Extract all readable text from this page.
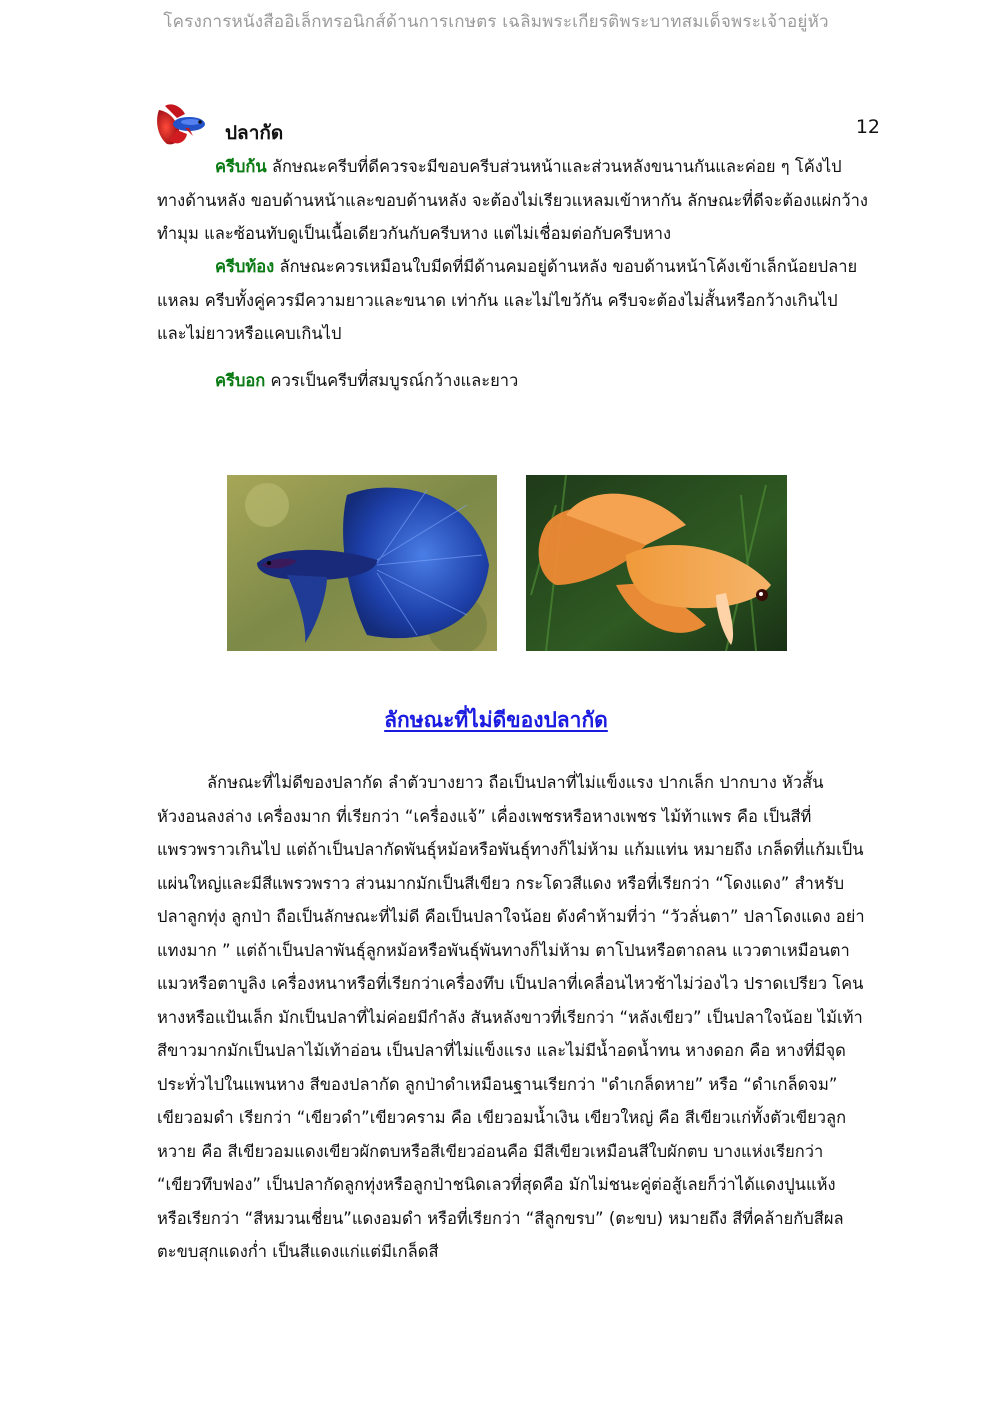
โครงการหนังสืออิเล็กทรอนิกส์ด้านการเกษตร เฉลิมพระเกียรติพระบาทสมเด็จพระเจ้าอยู่หัว
ปลากัด	12
ครีบก้น ลักษณะครีบที่ดีควรจะมีขอบครีบส่วนหน้าและส่วนหลังขนานกันและค่อย ๆ โค้งไปทางด้านหลัง ขอบด้านหน้าและขอบด้านหลัง จะต้องไม่เรียวแหลมเข้าหากัน ลักษณะที่ดีจะต้องแผ่กว้างทำมุม และซ้อนทับดูเป็นเนื้อเดียวกันกับครีบหาง แต่ไม่เชื่อมต่อกับครีบหาง
ครีบท้อง ลักษณะควรเหมือนใบมีดที่มีด้านคมอยู่ด้านหลัง ขอบด้านหน้าโค้งเข้าเล็กน้อยปลายแหลม ครีบทั้งคู่ควรมีความยาวและขนาด เท่ากัน และไม่ไขว้กัน ครีบจะต้องไม่สั้นหรือกว้างเกินไป และไม่ยาวหรือแคบเกินไป
ครีบอก ควรเป็นครีบที่สมบูรณ์กว้างและยาว
ลักษณะที่ไม่ดีของปลากัด
ลักษณะที่ไม่ดีของปลากัด ลำตัวบางยาว ถือเป็นปลาที่ไม่แข็งแรง ปากเล็ก ปากบาง หัวสั้นหัวงอนลงล่าง เครื่องมาก ที่เรียกว่า “เครื่องแจ้” เคื่องเพชรหรือหางเพชร ไม้ท้าแพร คือ เป็นสีที่แพรวพราวเกินไป แต่ถ้าเป็นปลากัดพันธุ์หม้อหรือพันธุ์ทางก็ไม่ห้าม แก้มแท่น หมายถึง เกล็ดที่แก้มเป็นแผ่นใหญ่และมีสีแพรวพราว ส่วนมากมักเป็นสีเขียว กระโดวสีแดง หรือที่เรียกว่า “โดงแดง” สำหรับปลาลูกทุ่ง ลูกป่า ถือเป็นลักษณะที่ไม่ดี คือเป็นปลาใจน้อย ดังคำห้ามที่ว่า “วัวลั่นตา” ปลาโดงแดง อย่าแทงมาก ” แต่ถ้าเป็นปลาพันธุ์ลูกหม้อหรือพันธุ์พันทางก็ไม่ห้าม ตาโปนหรือตาถลน แววตาเหมือนตาแมวหรือตาบูลิง เครื่องหนาหรือที่เรียกว่าเครื่องทึบ เป็นปลาที่เคลื่อนไหวช้าไม่ว่องไว ปราดเปรียว โคนหางหรือแป้นเล็ก มักเป็นปลาที่ไม่ค่อยมีกำลัง สันหลังขาวที่เรียกว่า “หลังเขียว” เป็นปลาใจน้อย ไม้เท้าสีขาวมากมักเป็นปลาไม้เท้าอ่อน เป็นปลาที่ไม่แข็งแรง และไม่มีน้ำอดน้ำทน หางดอก คือ หางที่มีจุดประทั่วไปในแพนหาง สีของปลากัด ลูกป่าดำเหมือนฐานเรียกว่า "ดำเกล็ดหาย” หรือ “ดำเกล็ดจม” เขียวอมดำ เรียกว่า “เขียวดำ”เขียวคราม คือ เขียวอมน้ำเงิน เขียวใหญ่ คือ สีเขียวแก่ทั้งตัวเขียวลูกหวาย คือ สีเขียวอมแดงเขียวผักตบหรือสีเขียวอ่อนคือ มีสีเขียวเหมือนสีใบผักตบ บางแห่งเรียกว่า “เขียวทึบฟอง” เป็นปลากัดลูกทุ่งหรือลูกป่าชนิดเลวที่สุดคือ มักไม่ชนะคู่ต่อสู้เลยก็ว่าได้แดงปูนแห้ง หรือเรียกว่า “สีหมวนเชี่ยน”แดงอมดำ หรือที่เรียกว่า “สีลูกขรบ” (ตะขบ) หมายถึง สีที่คล้ายกับสีผลตะขบสุกแดงก่ำ เป็นสีแดงแก่แต่มีเกล็ดสี
